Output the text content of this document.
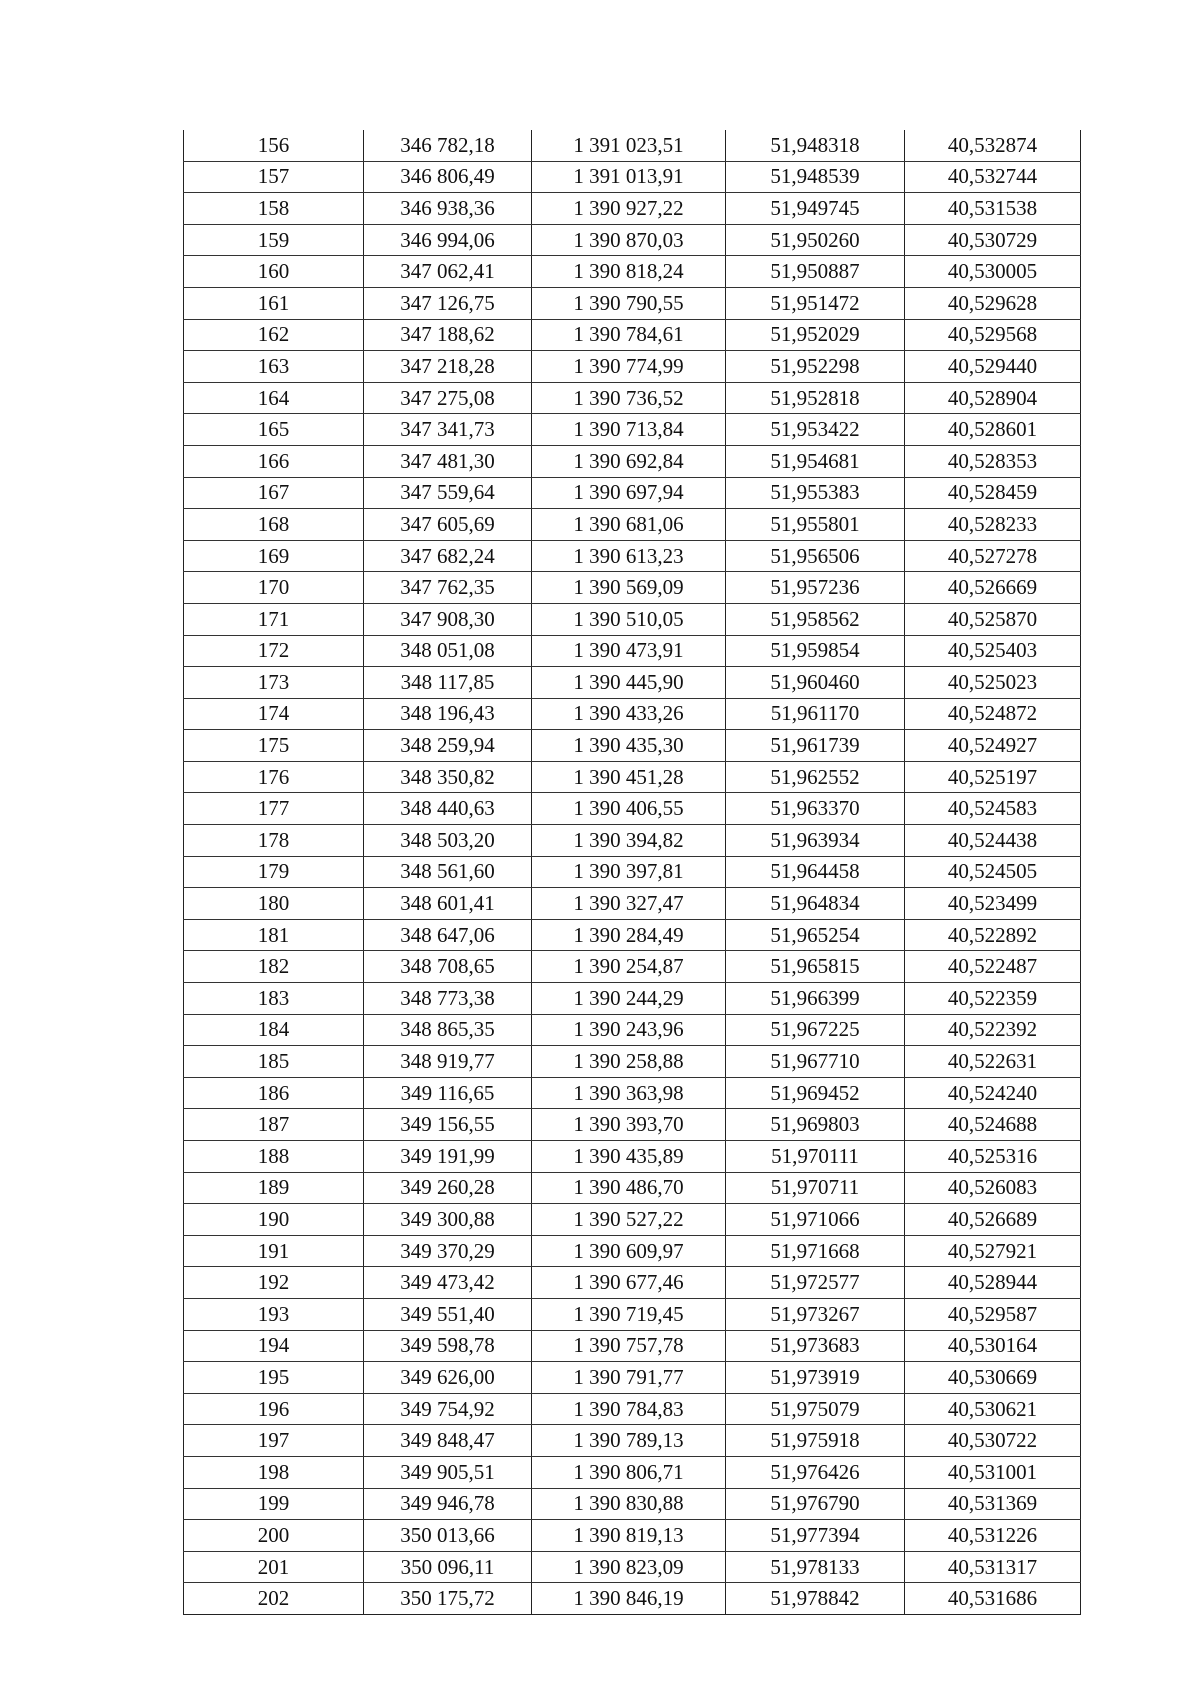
156	346 782,18	1 391 023,51	51,948318	40,532874
157	346 806,49	1 391 013,91	51,948539	40,532744
158	346 938,36	1 390 927,22	51,949745	40,531538
159	346 994,06	1 390 870,03	51,950260	40,530729
160	347 062,41	1 390 818,24	51,950887	40,530005
161	347 126,75	1 390 790,55	51,951472	40,529628
162	347 188,62	1 390 784,61	51,952029	40,529568
163	347 218,28	1 390 774,99	51,952298	40,529440
164	347 275,08	1 390 736,52	51,952818	40,528904
165	347 341,73	1 390 713,84	51,953422	40,528601
166	347 481,30	1 390 692,84	51,954681	40,528353
167	347 559,64	1 390 697,94	51,955383	40,528459
168	347 605,69	1 390 681,06	51,955801	40,528233
169	347 682,24	1 390 613,23	51,956506	40,527278
170	347 762,35	1 390 569,09	51,957236	40,526669
171	347 908,30	1 390 510,05	51,958562	40,525870
172	348 051,08	1 390 473,91	51,959854	40,525403
173	348 117,85	1 390 445,90	51,960460	40,525023
174	348 196,43	1 390 433,26	51,961170	40,524872
175	348 259,94	1 390 435,30	51,961739	40,524927
176	348 350,82	1 390 451,28	51,962552	40,525197
177	348 440,63	1 390 406,55	51,963370	40,524583
178	348 503,20	1 390 394,82	51,963934	40,524438
179	348 561,60	1 390 397,81	51,964458	40,524505
180	348 601,41	1 390 327,47	51,964834	40,523499
181	348 647,06	1 390 284,49	51,965254	40,522892
182	348 708,65	1 390 254,87	51,965815	40,522487
183	348 773,38	1 390 244,29	51,966399	40,522359
184	348 865,35	1 390 243,96	51,967225	40,522392
185	348 919,77	1 390 258,88	51,967710	40,522631
186	349 116,65	1 390 363,98	51,969452	40,524240
187	349 156,55	1 390 393,70	51,969803	40,524688
188	349 191,99	1 390 435,89	51,970111	40,525316
189	349 260,28	1 390 486,70	51,970711	40,526083
190	349 300,88	1 390 527,22	51,971066	40,526689
191	349 370,29	1 390 609,97	51,971668	40,527921
192	349 473,42	1 390 677,46	51,972577	40,528944
193	349 551,40	1 390 719,45	51,973267	40,529587
194	349 598,78	1 390 757,78	51,973683	40,530164
195	349 626,00	1 390 791,77	51,973919	40,530669
196	349 754,92	1 390 784,83	51,975079	40,530621
197	349 848,47	1 390 789,13	51,975918	40,530722
198	349 905,51	1 390 806,71	51,976426	40,531001
199	349 946,78	1 390 830,88	51,976790	40,531369
200	350 013,66	1 390 819,13	51,977394	40,531226
201	350 096,11	1 390 823,09	51,978133	40,531317
202	350 175,72	1 390 846,19	51,978842	40,531686
